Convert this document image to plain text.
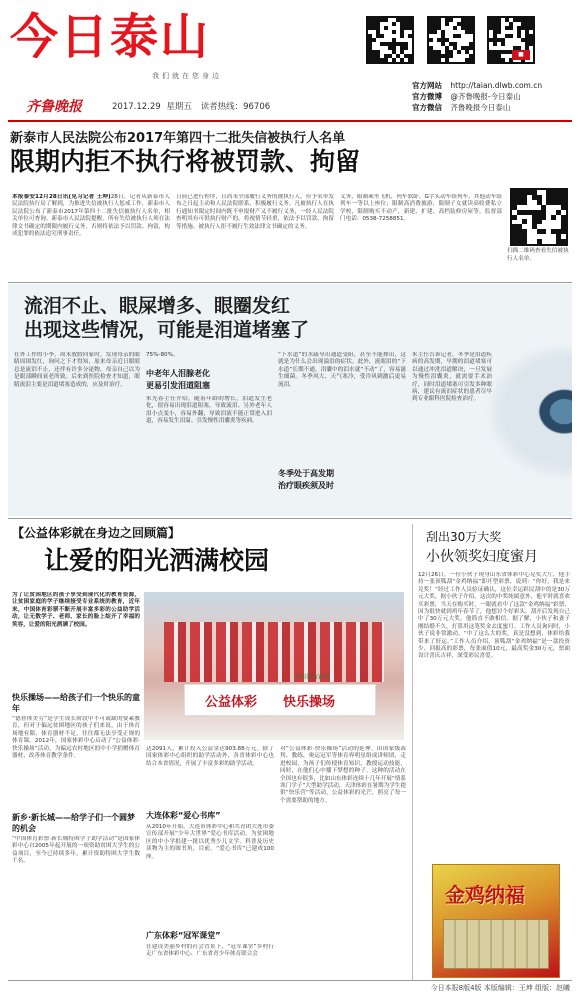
今日泰山
我们就在您身边
齐鲁晚报	2017.12.29 星期五 读者热线：96706
■
官方网站 http://taian.dlwb.com.cn
官方微博 @齐鲁晚报-今日泰山
官方微信 齐鲁晚报今日泰山
新泰市人民法院公布2017年第四十二批失信被执行人名单
限期内拒不执行将被罚款、拘留
本报泰安12月28日讯(见习记者 王坤)28日，记者从新泰市人民法院执行局了解到，为推进失信被执行人惩戒工作，新泰市人民法院公布了新泰市2017年第四十二批失信被执行人名单，相关单位可查询。新泰市人民法院提醒，所有失信被执行人须在法律文书确定的期限内履行义务，否则将依法予以罚款、拘留，构成犯罪的依法追究刑事责任。
日前已进行程序，且尚未全部履行义务的被执行人，应予名单发布之日起主动和人民法院联系，积极履行义务。凡被执行人在执行通知书限定时间内既不申报财产又不履行义务，一经人民法院查明其有可供执行财产的，将视情节轻重，依法予以罚款、拘留等措施。被执行人拒不履行生效法律文书确定的义务。
义务，限制乘坐飞机、列车软卧、G字头动车组列车，其他动车组列车一等以上座位；限制高消费旅游，限制子女就读高收费私立学校，限制购买不动产，新建、扩建、高档装修房屋等。监督部门电话：0538-7258851。
扫描二维码查看失信被执行人名单。
流泪不止、眼屎增多、眼圈发红
出现这些情况，可能是泪道堵塞了
在外工作的小李，周末放假回家时，发现母亲的眼睛周围发红，询问之下才得知，原来母亲近日眼睛总是流泪不止，还伴有许多分泌物，母亲自己以为是眼部瞬间衰老所致。后来到医院检查才知道，眼睛流泪主要是泪道堵塞造成的，应及时治疗。
75%-80%。
中老年人泪腺老化
更易引发泪道阻塞
朱光春主任介绍，随着年龄的增长，泪道发生老化，很容易出现泪道阻塞，导致流泪。另外老年人泪小点变小，容易外翻，导致泪液不能正常进入泪道，容易发生泪溢。引发慢性泪囊炎等疾病。
“下水道”的水疏导出通道受阻，甚至不能排出，这就是为什么会出现溢泪的症状。此外，流眼泪的“下水道”长期不通，泪囊中的泪水就“不动”了，容易滋生细菌。冬季风大、天气寒冷，受冷风刺激后更易流泪。
冬季处于高发期
治疗眼疾须及时
朱主任告诉记者，冬季是泪道疾病的高发期，早期的泪道堵塞可以通过冲洗泪道解决，一旦发展为慢性泪囊炎，就需要手术治疗，同时泪道堵塞可引发多种眼病，建议有流泪症状的患者尽早到专业眼科医院检查治疗。
【公益体彩就在身边之回顾篇】
让爱的阳光洒满校园
为了让贫困地区的孩子享受到现代化的教育资源，让贫困家庭的学子继续接受专业系统的教育，近年来，中国体育彩票不断开展丰富多彩的公益助学活动，让无数学子、老师、家长的脸上绽开了幸福的笑容，让爱的阳光洒满了校园。
快乐操场——给孩子们一个快乐的童年
“德智体美劳”是学生成长阶段中不可或缺的要素教育，但对于偏远贫困地区的孩子们来说，由于体育场地有限、体育器材不足，往往都无法享受正规的体育课。2012年，国家体彩中心启动了“公益体彩·快乐操场”活动，为偏远农村地区的中小学捐赠体育器材，改善体育教学条件。
新乡·新长城——给学子们一个圆梦的机会
“中国体育彩票·新长城特困学子助学活动”是国家体彩中心自2005年起开展的一项资助贫困大学生的公益项目，至今已持续多年，累计资助特困大学生数千名。
公益体彩 快乐操场
中国体育彩票
达2091人，累计投入公益金达903.88万元。除了国家体彩中心组织的助学活动外，各省体彩中心也结合本省情况，开展了丰富多彩的助学活动。
大连体彩“爱心书库”
从2010年开始，大连市体彩中心和共青团大连市委宣传部开展“少年大世界”爱心书库活动，为贫困地区的中小学捐建一批以优秀少儿文学、科普及历史读物为主的图书角，目前，“爱心书库”已建成100座。
广东体彩“冠军课堂”
在建设美丽乡村的社会背景下，“冠军课堂”乡村行走广东省体彩中心、广东省青少年体育联合会
对“公益体彩·快乐操场”活动的延伸。由国家级裁判、教练、奥运冠军等体育界明星组成讲师团，走进校园，为孩子们传授体育知识，教授运动技能，同时，在他们心中播下梦想的种子。这种的活动在全国也有很多，比如山东体彩连续十几年开展“情系寒门学子”大型助学活动，天津体彩在暑期为学生提供“快乐营”等活动，公益体彩的光芒，照亮了每一个需要帮助的地方。
刮出30万大奖
小伙领奖妇度蜜月
12月26日，一位小伙子现身山东省体彩中心兑奖大厅，他手持一张顶呱刮“金鸡纳福”即开型彩票，说到：“你好，我是来兑奖！”经过工作人员验证确认，这位幸运彩民刮中的是30万元大奖。据小伙子介绍，这次的中奖纯属意外，他平时就喜欢买彩票，当天在购买时，一眼就看中了这款“金鸡纳福”彩票，因为很快就到鸡年春节了，他想讨个好彩头。刮开后发现自己中了30万元大奖，他简直不敢相信。据了解，小伙子和妻子刚结婚不久，打算用这笔奖金去度蜜月。工作人员询问时，小伙子说非常激动，“中了这么大的奖，真是没想到，体彩给我带来了好运。”工作人员介绍，顶呱刮“金鸡纳福”是一款投资少、回报高的彩票，每张面值10元，最高奖金30万元，票面设计喜庆吉祥，深受彩民喜爱。
金鸡纳福
今日本报8版4版 本版编辑：王坤 组版：赵曦
